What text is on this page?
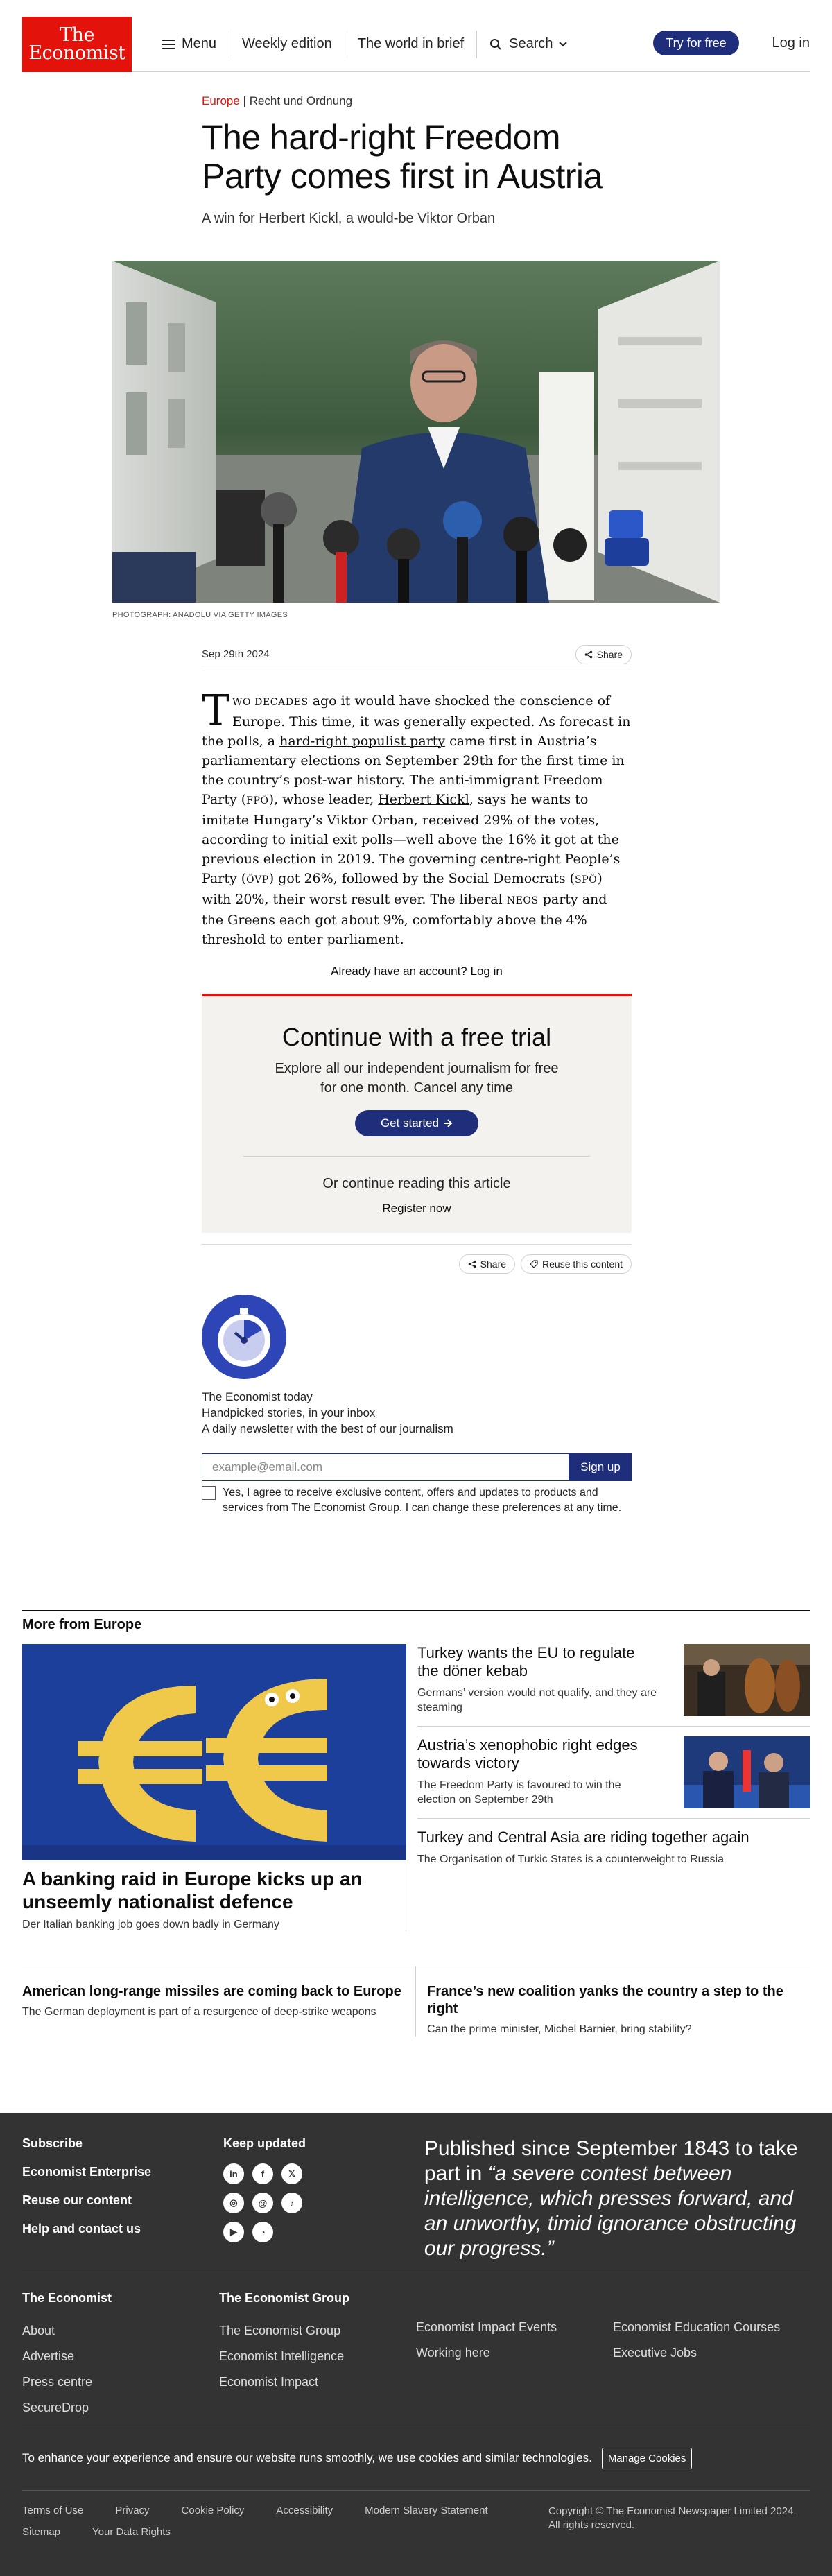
The
Economist	Menu	Weekly edition	The world in brief	Search	Try for free	Log in
Europe | Recht und Ordnung
The hard-right Freedom Party comes first in Austria

A win for Herbert Kickl, a would-be Viktor Orban

PHOTOGRAPH: ANADOLU VIA GETTY IMAGES

Sep 29th 2024	Share
TWO DECADES ago it would have shocked the conscience of Europe. This time, it was generally expected. As forecast in the polls, a hard-right populist party came first in Austria’s parliamentary elections on September 29th for the first time in the country’s post-war history. The anti-immigrant Freedom Party (FPÖ), whose leader, Herbert Kickl, says he wants to imitate Hungary’s Viktor Orban, received 29% of the votes, according to initial exit polls—well above the 16% it got at the previous election in 2019. The governing centre-right People’s Party (ÖVP) got 26%, followed by the Social Democrats (SPÖ) with 20%, their worst result ever. The liberal NEOS party and the Greens each got about 9%, comfortably above the 4% threshold to enter parliament.

Already have an account? Log in

Continue with a free trial

Explore all our independent journalism for free
for one month. Cancel any time

Get started

Or continue reading this article

Register now
Share	Reuse this content
The Economist today
Handpicked stories, in your inbox
A daily newsletter with the best of our journalism
example@email.com
Sign up
Yes, I agree to receive exclusive content, offers and updates to products and services from The Economist Group. I can change these preferences at any time.
More from Europe
A banking raid in Europe kicks up an unseemly nationalist defence

Der Italian banking job goes down badly in Germany

Turkey wants the EU to regulate the döner kebab
Germans’ version would not qualify, and they are steaming
Austria’s xenophobic right edges towards victory
The Freedom Party is favoured to win the election on September 29th
Turkey and Central Asia are riding together again
The Organisation of Turkic States is a counterweight to Russia
American long-range missiles are coming back to Europe
The German deployment is part of a resurgence of deep-strike weapons
France’s new coalition yanks the country a step to the right
Can the prime minister, Michel Barnier, bring stability?
Subscribe
Economist Enterprise
Reuse our content
Help and contact us
Keep updated
in	f	𝕏
◎	@	♪
▶	◔

Published since September 1843 to take part in “a severe contest between intelligence, which presses forward, and an unworthy, timid ignorance obstructing our progress.”

The Economist
About
Advertise
Press centre
SecureDrop
The Economist Group
The Economist Group
Economist Intelligence
Economist Impact
Economist Impact Events
Working here
Economist Education Courses
Executive Jobs
To enhance your experience and ensure our website runs smoothly, we use cookies and similar technologies.	Manage Cookies
Terms of Use	Privacy	Cookie Policy	Accessibility	Modern Slavery Statement
Sitemap	Your Data Rights
Copyright © The Economist Newspaper Limited 2024. All rights reserved.
